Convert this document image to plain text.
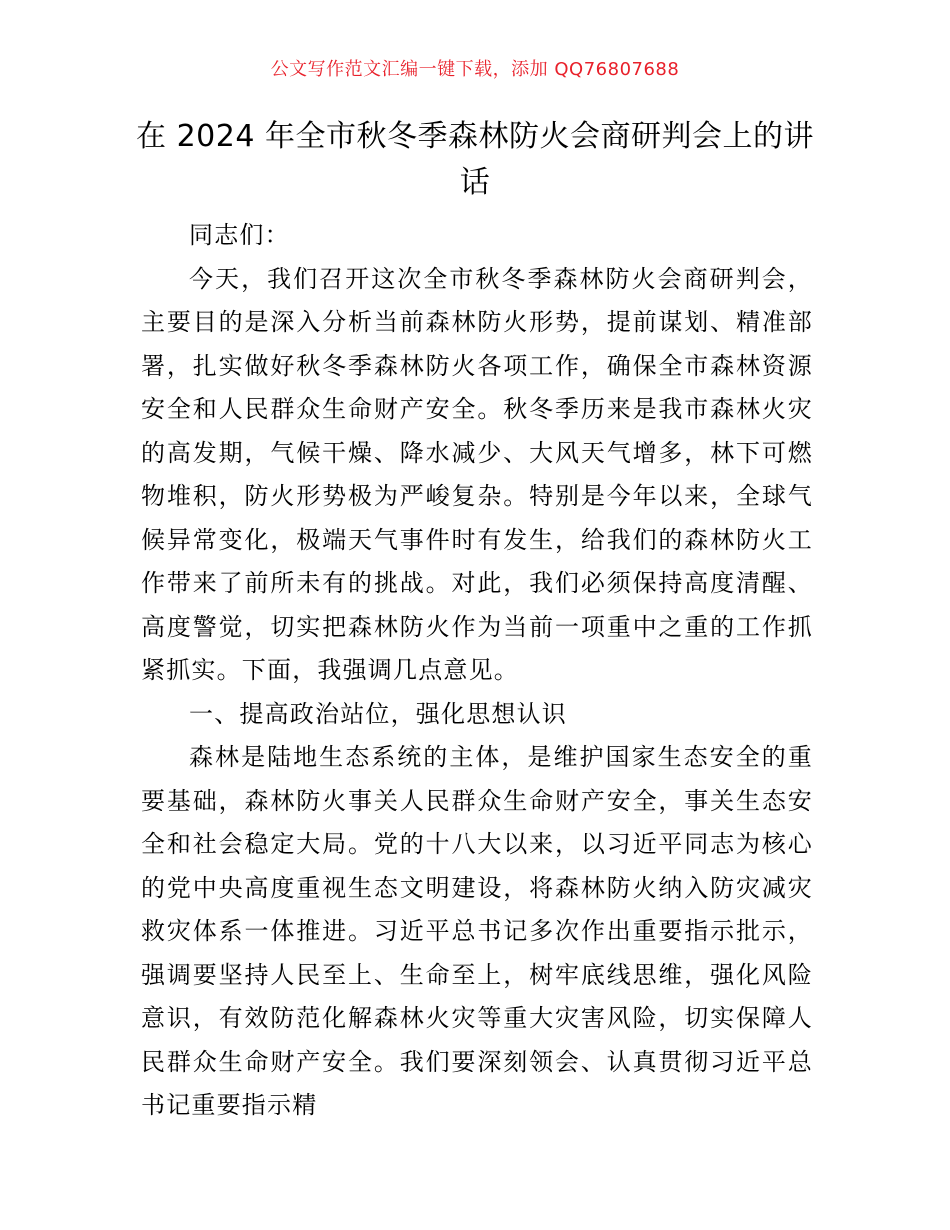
公文写作范文汇编一键下载，添加 QQ76807688
在 2024 年全市秋冬季森林防火会商研判会上的讲话

同志们：

今天，我们召开这次全市秋冬季森林防火会商研判会，主要目的是深入分析当前森林防火形势，提前谋划、精准部署，扎实做好秋冬季森林防火各项工作，确保全市森林资源安全和人民群众生命财产安全。秋冬季历来是我市森林火灾的高发期，气候干燥、降水减少、大风天气增多，林下可燃物堆积，防火形势极为严峻复杂。特别是今年以来，全球气候异常变化，极端天气事件时有发生，给我们的森林防火工作带来了前所未有的挑战。对此，我们必须保持高度清醒、高度警觉，切实把森林防火作为当前一项重中之重的工作抓紧抓实。下面，我强调几点意见。

一、提高政治站位，强化思想认识

森林是陆地生态系统的主体，是维护国家生态安全的重要基础，森林防火事关人民群众生命财产安全，事关生态安全和社会稳定大局。党的十八大以来，以习近平同志为核心的党中央高度重视生态文明建设，将森林防火纳入防灾减灾救灾体系一体推进。习近平总书记多次作出重要指示批示，强调要坚持人民至上、生命至上，树牢底线思维，强化风险意识，有效防范化解森林火灾等重大灾害风险，切实保障人民群众生命财产安全。我们要深刻领会、认真贯彻习近平总书记重要指示精
